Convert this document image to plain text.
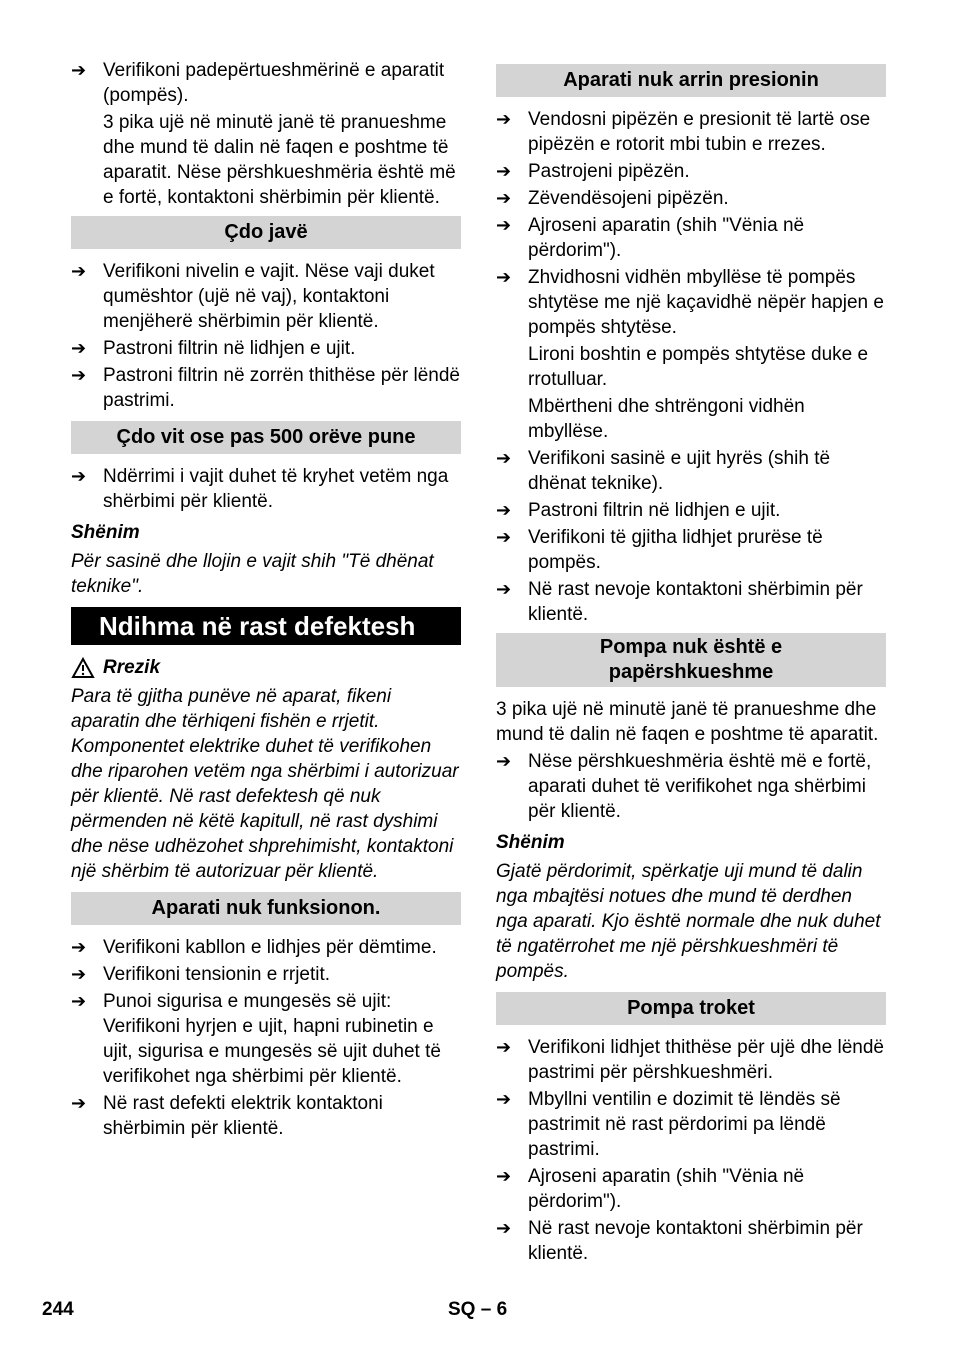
➔ Verifikoni padepërtueshmërinë e aparatit (pompës).
3 pika ujë në minutë janë të pranueshme dhe mund të dalin në faqen e poshtme të aparatit. Nëse përshkueshmëria është më e fortë, kontaktoni shërbimin për klientë.
Çdo javë
➔ Verifikoni nivelin e vajit. Nëse vaji duket qumështor (ujë në vaj), kontaktoni menjëherë shërbimin për klientë.
➔ Pastroni filtrin në lidhjen e ujit.
➔ Pastroni filtrin në zorrën thithëse për lëndë pastrimi.
Çdo vit ose pas 500 orëve pune
➔ Ndërrimi i vajit duhet të kryhet vetëm nga shërbimi për klientë.
Shënim
Për sasinë dhe llojin e vajit shih "Të dhënat teknike".
Ndihma në rast defektesh
Rrezik
Para të gjitha punëve në aparat, fikeni aparatin dhe tërhiqeni fishën e rrjetit. Komponentet elektrike duhet të verifikohen dhe riparohen vetëm nga shërbimi i autorizuar për klientë. Në rast defektesh që nuk përmenden në këtë kapitull, në rast dyshimi dhe nëse udhëzohet shprehimisht, kontaktoni një shërbim të autorizuar për klientë.
Aparati nuk funksionon.
➔ Verifikoni kabllon e lidhjes për dëmtime.
➔ Verifikoni tensionin e rrjetit.
➔ Punoi sigurisa e mungesës së ujit: Verifikoni hyrjen e ujit, hapni rubinetin e ujit, sigurisa e mungesës së ujit duhet të verifikohet nga shërbimi për klientë.
➔ Në rast defekti elektrik kontaktoni shërbimin për klientë.
Aparati nuk arrin presionin
➔ Vendosni pipëzën e presionit të lartë ose pipëzën e rotorit mbi tubin e rrezes.
➔ Pastrojeni pipëzën.
➔ Zëvendësojeni pipëzën.
➔ Ajroseni aparatin (shih "Vënia në përdorim").
➔ Zhvidhosni vidhën mbyllëse të pompës shtytëse me një kaçavidhë nëpër hapjen e pompës shtytëse.
Lironi boshtin e pompës shtytëse duke e rrotulluar.
Mbërtheni dhe shtrëngoni vidhën mbyllëse.
➔ Verifikoni sasinë e ujit hyrës (shih të dhënat teknike).
➔ Pastroni filtrin në lidhjen e ujit.
➔ Verifikoni të gjitha lidhjet prurëse të pompës.
➔ Në rast nevoje kontaktoni shërbimin për klientë.
Pompa nuk është e papërshkueshme
3 pika ujë në minutë janë të pranueshme dhe mund të dalin në faqen e poshtme të aparatit.
➔ Nëse përshkueshmëria është më e fortë, aparati duhet të verifikohet nga shërbimi për klientë.
Shënim
Gjatë përdorimit, spërkatje uji mund të dalin nga mbajtësi notues dhe mund të derdhen nga aparati. Kjo është normale dhe nuk duhet të ngatërrohet me një përshkueshmëri të pompës.
Pompa troket
➔ Verifikoni lidhjet thithëse për ujë dhe lëndë pastrimi për përshkueshmëri.
➔ Mbyllni ventilin e dozimit të lëndës së pastrimit në rast përdorimi pa lëndë pastrimi.
➔ Ajroseni aparatin (shih "Vënia në përdorim").
➔ Në rast nevoje kontaktoni shërbimin për klientë.
244	SQ – 6
